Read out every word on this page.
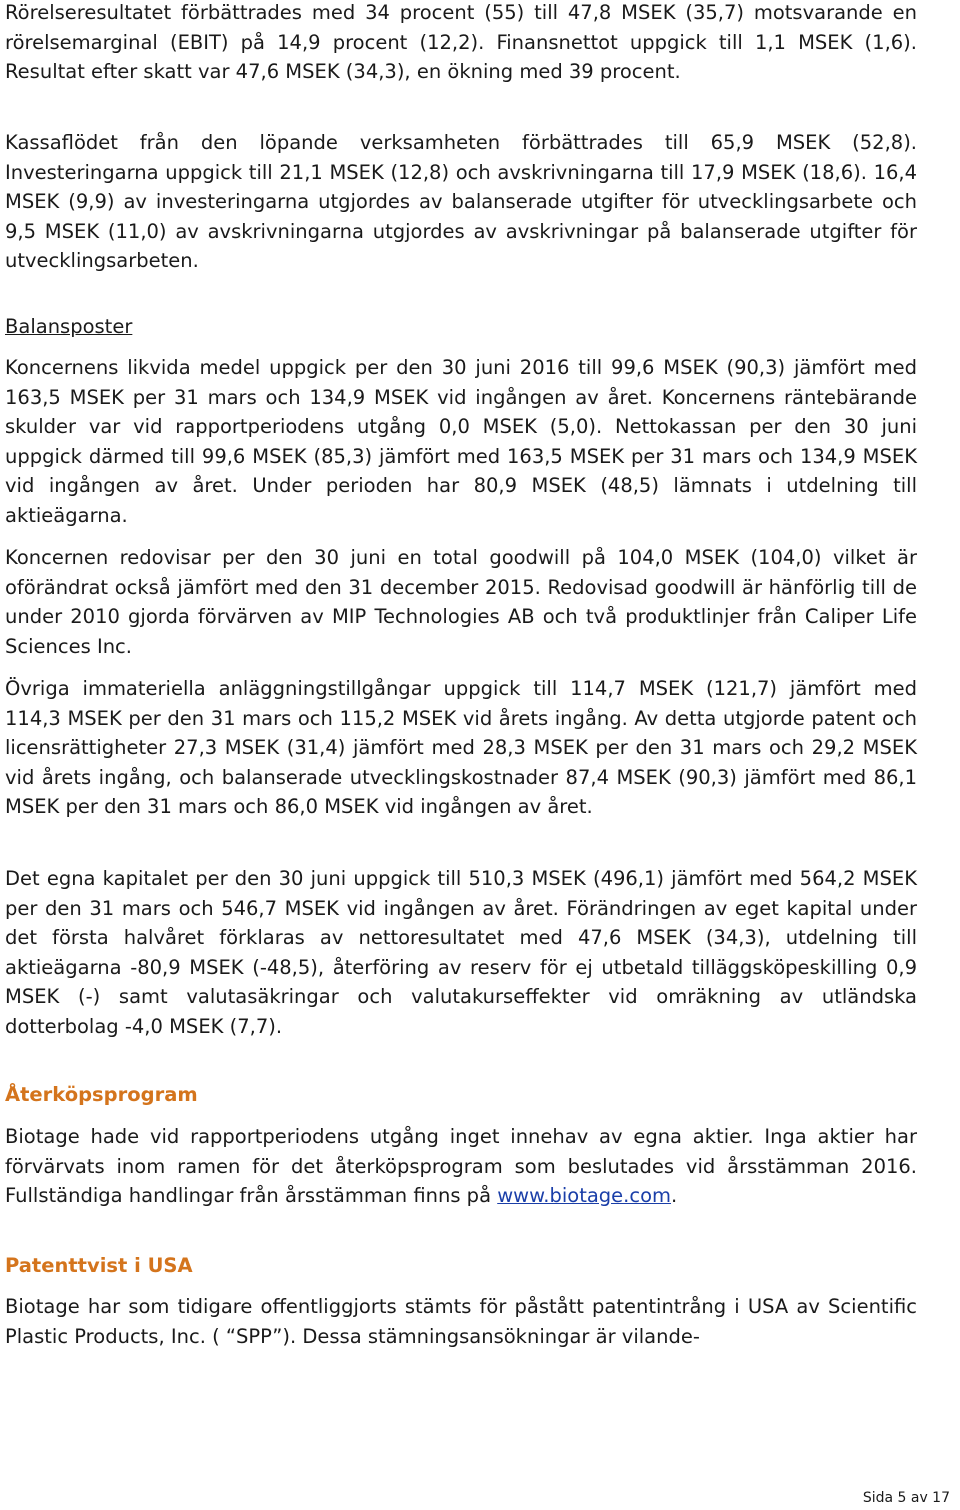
Rörelseresultatet förbättrades med 34 procent (55) till 47,8 MSEK (35,7) motsvarande en rörelsemarginal (EBIT) på 14,9 procent (12,2). Finansnettot uppgick till 1,1 MSEK (1,6). Resultat efter skatt var 47,6 MSEK (34,3), en ökning med 39 procent.

Kassaflödet från den löpande verksamheten förbättrades till 65,9 MSEK (52,8). Investeringarna uppgick till 21,1 MSEK (12,8) och avskrivningarna till 17,9 MSEK (18,6). 16,4 MSEK (9,9) av investeringarna utgjordes av balanserade utgifter för utvecklingsarbete och 9,5 MSEK (11,0) av avskrivningarna utgjordes av avskrivningar på balanserade utgifter för utvecklingsarbeten.

Balansposter

Koncernens likvida medel uppgick per den 30 juni 2016 till 99,6 MSEK (90,3) jämfört med 163,5 MSEK per 31 mars och 134,9 MSEK vid ingången av året. Koncernens räntebärande skulder var vid rapportperiodens utgång 0,0 MSEK (5,0). Nettokassan per den 30 juni uppgick därmed till 99,6 MSEK (85,3) jämfört med 163,5 MSEK per 31 mars och 134,9 MSEK vid ingången av året. Under perioden har 80,9 MSEK (48,5) lämnats i utdelning till aktieägarna.

Koncernen redovisar per den 30 juni en total goodwill på 104,0 MSEK (104,0) vilket är oförändrat också jämfört med den 31 december 2015. Redovisad goodwill är hänförlig till de under 2010 gjorda förvärven av MIP Technologies AB och två produktlinjer från Caliper Life Sciences Inc.

Övriga immateriella anläggningstillgångar uppgick till 114,7 MSEK (121,7) jämfört med 114,3 MSEK per den 31 mars och 115,2 MSEK vid årets ingång. Av detta utgjorde patent och licensrättigheter 27,3 MSEK (31,4) jämfört med 28,3 MSEK per den 31 mars och 29,2 MSEK vid årets ingång, och balanserade utvecklingskostnader 87,4 MSEK (90,3) jämfört med 86,1 MSEK per den 31 mars och 86,0 MSEK vid ingången av året.

Det egna kapitalet per den 30 juni uppgick till 510,3 MSEK (496,1) jämfört med 564,2 MSEK per den 31 mars och 546,7 MSEK vid ingången av året. Förändringen av eget kapital under det första halvåret förklaras av nettoresultatet med 47,6 MSEK (34,3), utdelning till aktieägarna -80,9 MSEK (-48,5), återföring av reserv för ej utbetald tilläggsköpeskilling 0,9 MSEK (-) samt valutasäkringar och valutakurseffekter vid omräkning av utländska dotterbolag -4,0 MSEK (7,7).

Återköpsprogram

Biotage hade vid rapportperiodens utgång inget innehav av egna aktier. Inga aktier har förvärvats inom ramen för det återköpsprogram som beslutades vid årsstämman 2016. Fullständiga handlingar från årsstämman finns på www.biotage.com.

Patenttvist i USA

Biotage har som tidigare offentliggjorts stämts för påstått patentintrång i USA av Scientific Plastic Products, Inc. ( “SPP”). Dessa stämningsansökningar är vilande-

Sida 5 av 17
